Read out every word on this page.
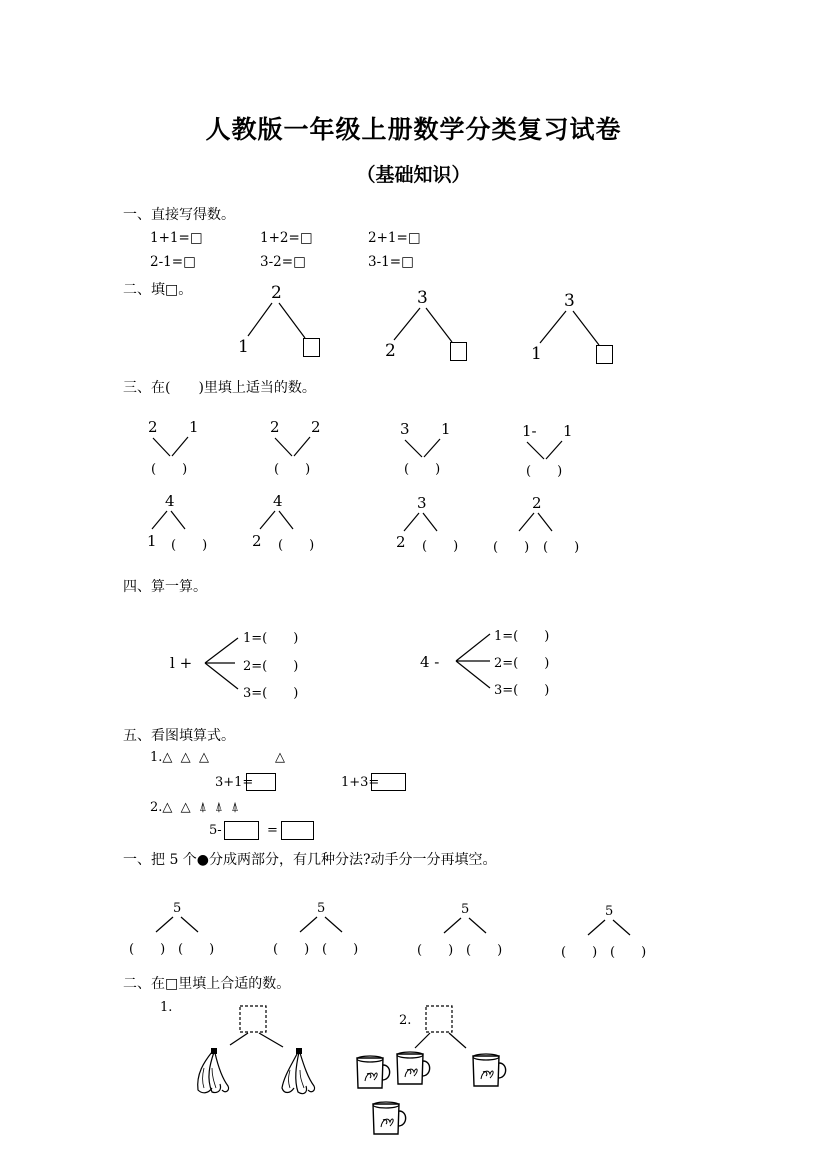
人教版一年级上册数学分类复习试卷
（基础知识）
一、直接写得数。
1+1=□	1+2=□	2+1=□
2-1=□	3-2=□	3-1=□
二、填□。	2
1
3
2
3
1
三、在(　　)里填上适当的数。
2 1
(　　)
2 2
(　　)
3 1
(　　)
1- 1
(　　)
4
1 (　　)
4
2 (　　)
3
2 (　　)
2
(　　) (　　)
四、算一算。
l +
1=(　　)
2=(　　)
3=(　　)
4 -
1=(　　)
2=(　　)
3=(　　)
五、看图填算式。
1.△ △ △	△
3+1=	1+3=
2.△ △ ⍋ ⍋ ⍋
5-	=
一、把 5 个●分成两部分，有几种分法?动手分一分再填空。
5
(　　) (　　)
5
(　　) (　　)
5
(　　) (　　)
5
(　　) (　　)
二、在□里填上合适的数。
1.
2.
